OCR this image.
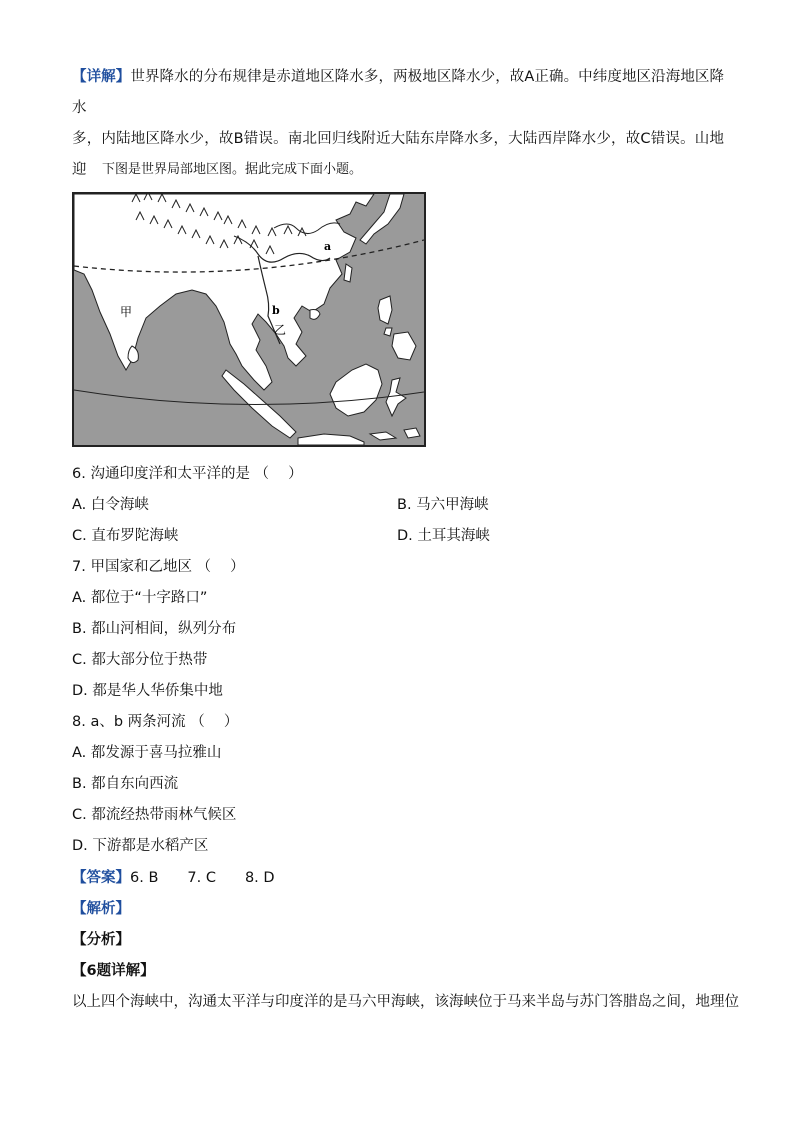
【详解】世界降水的分布规律是赤道地区降水多，两极地区降水少，故A正确。中纬度地区沿海地区降水
多，内陆地区降水少，故B错误。南北回归线附近大陆东岸降水多，大陆西岸降水少，故C错误。山地迎	下图是世界局部地区图。据此完成下面小题。
a
b
甲
乙
6. 沟通印度洋和太平洋的是 （　 ）
A. 白令海峡	B. 马六甲海峡
C. 直布罗陀海峡	D. 土耳其海峡
7. 甲国家和乙地区 （　 ）
A. 都位于“十字路口”
B. 都山河相间，纵列分布
C. 都大部分位于热带
D. 都是华人华侨集中地
8. a、b 两条河流 （　 ）
A. 都发源于喜马拉雅山
B. 都自东向西流
C. 都流经热带雨林气候区
D. 下游都是水稻产区
【答案】6. B　　7. C　　8. D
【解析】
【分析】
【6题详解】
以上四个海峡中，沟通太平洋与印度洋的是马六甲海峡，该海峡位于马来半岛与苏门答腊岛之间，地理位
